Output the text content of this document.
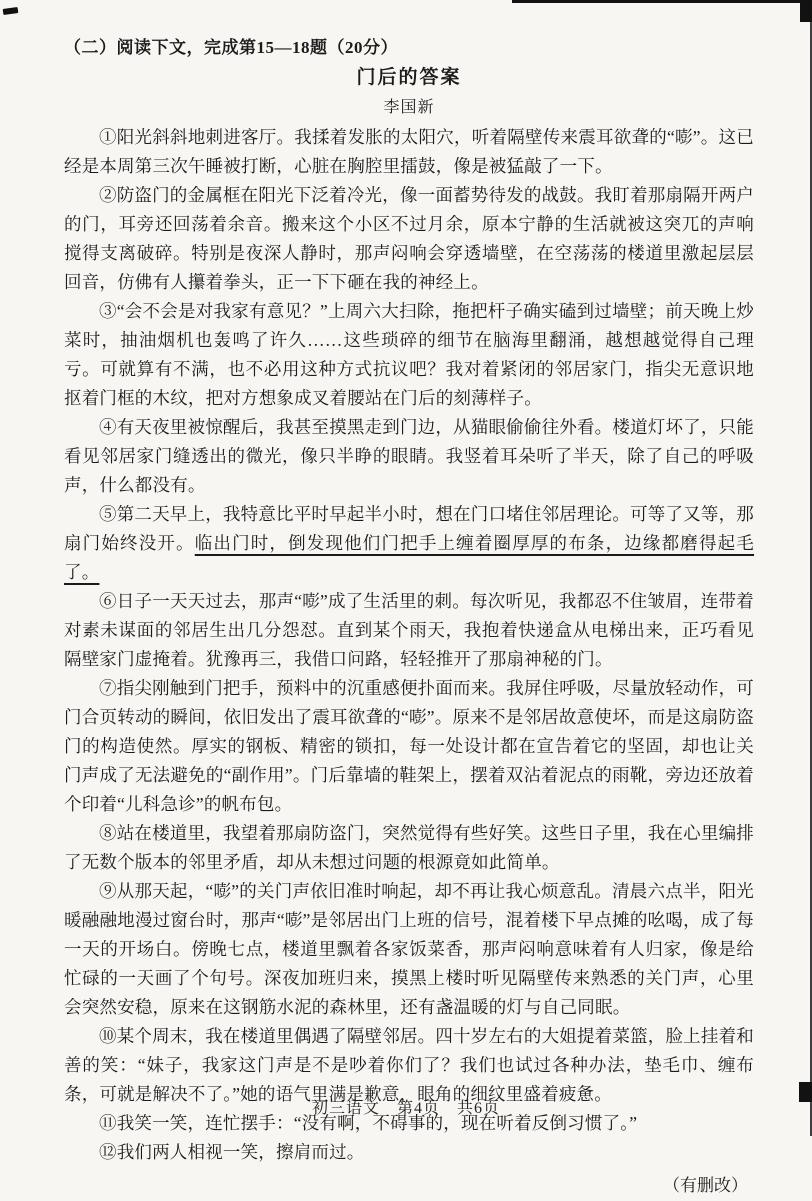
（二）阅读下文，完成第15—18题（20分）
门后的答案
李国新

①阳光斜斜地刺进客厅。我揉着发胀的太阳穴，听着隔壁传来震耳欲聋的“嘭”。这已经是本周第三次午睡被打断，心脏在胸腔里擂鼓，像是被猛敲了一下。

②防盗门的金属框在阳光下泛着冷光，像一面蓄势待发的战鼓。我盯着那扇隔开两户的门，耳旁还回荡着余音。搬来这个小区不过月余，原本宁静的生活就被这突兀的声响搅得支离破碎。特别是夜深人静时，那声闷响会穿透墙壁，在空荡荡的楼道里激起层层回音，仿佛有人攥着拳头，正一下下砸在我的神经上。

③“会不会是对我家有意见？”上周六大扫除，拖把杆子确实磕到过墙壁；前天晚上炒菜时，抽油烟机也轰鸣了许久……这些琐碎的细节在脑海里翻涌，越想越觉得自己理亏。可就算有不满，也不必用这种方式抗议吧？我对着紧闭的邻居家门，指尖无意识地抠着门框的木纹，把对方想象成叉着腰站在门后的刻薄样子。

④有天夜里被惊醒后，我甚至摸黑走到门边，从猫眼偷偷往外看。楼道灯坏了，只能看见邻居家门缝透出的微光，像只半睁的眼睛。我竖着耳朵听了半天，除了自己的呼吸声，什么都没有。

⑤第二天早上，我特意比平时早起半小时，想在门口堵住邻居理论。可等了又等，那扇门始终没开。临出门时，倒发现他们门把手上缠着圈厚厚的布条，边缘都磨得起毛了。

⑥日子一天天过去，那声“嘭”成了生活里的刺。每次听见，我都忍不住皱眉，连带着对素未谋面的邻居生出几分怨怼。直到某个雨天，我抱着快递盒从电梯出来，正巧看见隔壁家门虚掩着。犹豫再三，我借口问路，轻轻推开了那扇神秘的门。

⑦指尖刚触到门把手，预料中的沉重感便扑面而来。我屏住呼吸，尽量放轻动作，可门合页转动的瞬间，依旧发出了震耳欲聋的“嘭”。原来不是邻居故意使坏，而是这扇防盗门的构造使然。厚实的钢板、精密的锁扣，每一处设计都在宣告着它的坚固，却也让关门声成了无法避免的“副作用”。门后靠墙的鞋架上，摆着双沾着泥点的雨靴，旁边还放着个印着“儿科急诊”的帆布包。

⑧站在楼道里，我望着那扇防盗门，突然觉得有些好笑。这些日子里，我在心里编排了无数个版本的邻里矛盾，却从未想过问题的根源竟如此简单。

⑨从那天起，“嘭”的关门声依旧准时响起，却不再让我心烦意乱。清晨六点半，阳光暖融融地漫过窗台时，那声“嘭”是邻居出门上班的信号，混着楼下早点摊的吆喝，成了每一天的开场白。傍晚七点，楼道里飘着各家饭菜香，那声闷响意味着有人归家，像是给忙碌的一天画了个句号。深夜加班归来，摸黑上楼时听见隔壁传来熟悉的关门声，心里会突然安稳，原来在这钢筋水泥的森林里，还有盏温暖的灯与自己同眠。

⑩某个周末，我在楼道里偶遇了隔壁邻居。四十岁左右的大姐提着菜篮，脸上挂着和善的笑：“妹子，我家这门声是不是吵着你们了？我们也试过各种办法，垫毛巾、缠布条，可就是解决不了。”她的语气里满是歉意，眼角的细纹里盛着疲惫。

⑪我笑一笑，连忙摆手：“没有啊，不碍事的，现在听着反倒习惯了。”

⑫我们两人相视一笑，擦肩而过。

（有删改）
初三语文　第4页　共6页
